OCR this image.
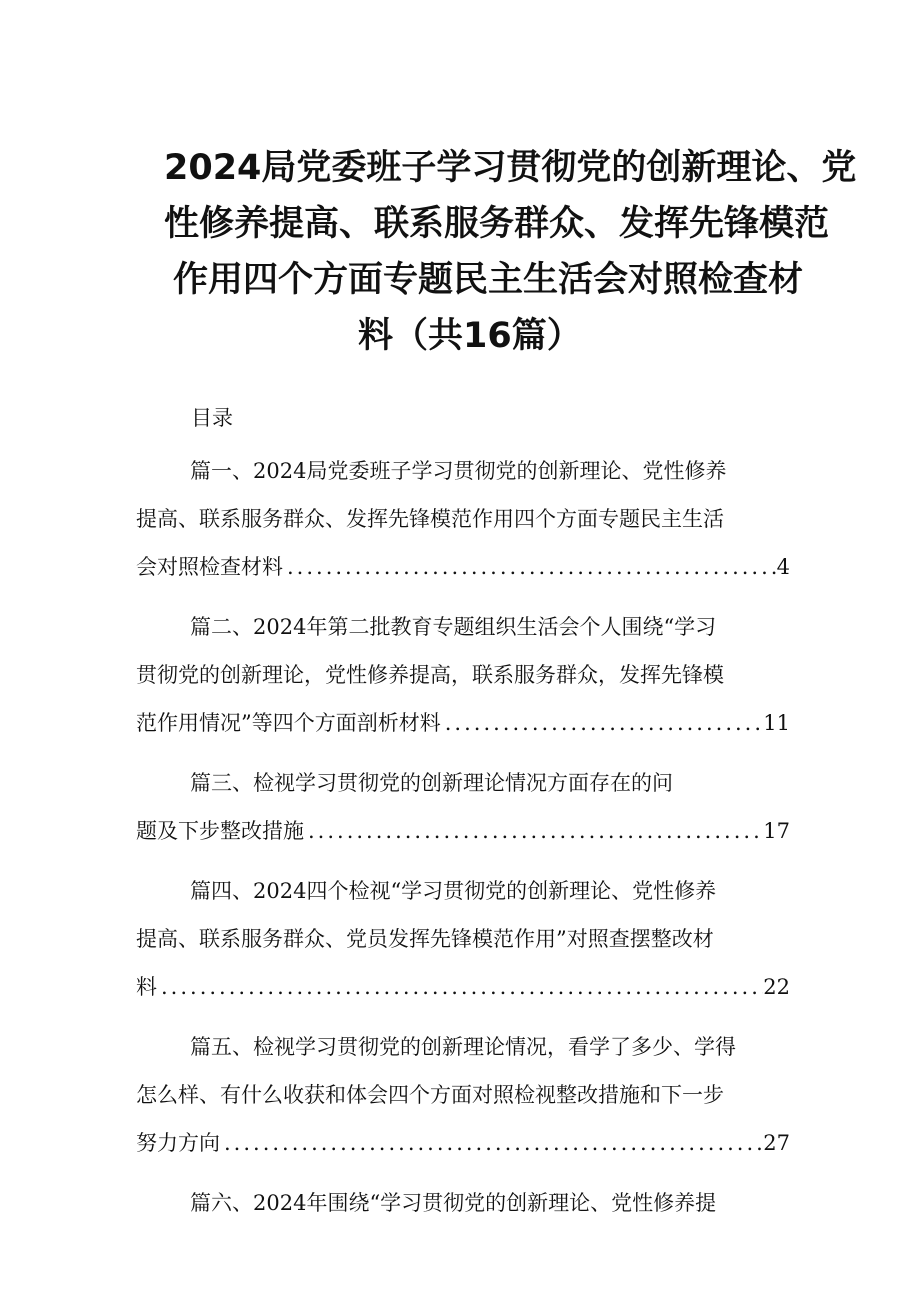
2024局党委班子学习贯彻党的创新理论、党
性修养提高、联系服务群众、发挥先锋模范
作用四个方面专题民主生活会对照检查材
料（共16篇）
目录
篇一、2024局党委班子学习贯彻党的创新理论、党性修养
提高、联系服务群众、发挥先锋模范作用四个方面专题民主生活
会对照检查材料 .....	4
篇二、2024年第二批教育专题组织生活会个人围绕“学习
贯彻党的创新理论，党性修养提高，联系服务群众，发挥先锋模
范作用情况”等四个方面剖析材料 .....	11
篇三、检视学习贯彻党的创新理论情况方面存在的问
题及下步整改措施 .....	17
篇四、2024四个检视“学习贯彻党的创新理论、党性修养
提高、联系服务群众、党员发挥先锋模范作用”对照查摆整改材
料 .....	22
篇五、检视学习贯彻党的创新理论情况，看学了多少、学得
怎么样、有什么收获和体会四个方面对照检视整改措施和下一步
努力方向 .....	27
篇六、2024年围绕“学习贯彻党的创新理论、党性修养提
